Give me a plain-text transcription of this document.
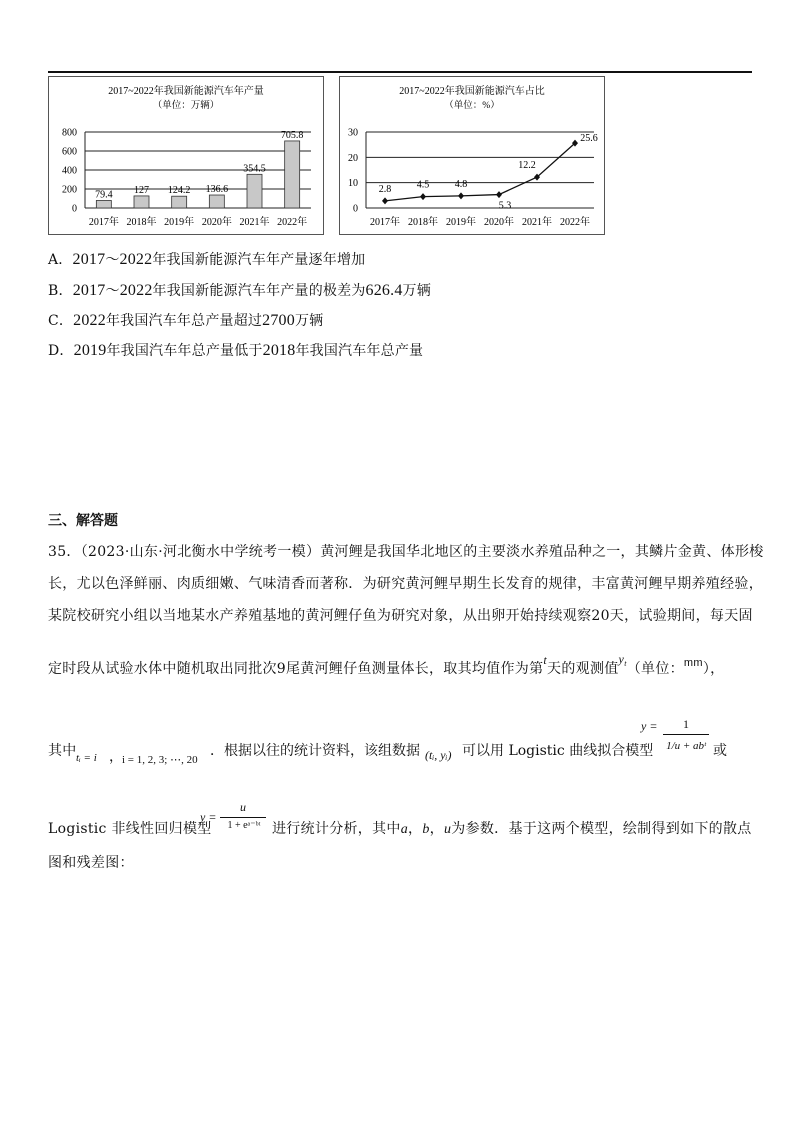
2017~2022年我国新能源汽车年产量
（单位：万辆）
0
200
400
600
800
79.4
2017年
127
2018年
124.2
2019年
136.6
2020年
354.5
2021年
705.8
2022年
2017~2022年我国新能源汽车占比
（单位：%）
0
10
20
30
2.8
2017年
4.5
2018年
4.8
2019年
5.3
2020年
12.2
2021年
25.6
2022年
A．2017～2022年我国新能源汽车年产量逐年增加
B．2017～2022年我国新能源汽车年产量的极差为626.4万辆
C．2022年我国汽车年总产量超过2700万辆
D．2019年我国汽车年总产量低于2018年我国汽车年总产量
三、解答题
35．（2023·山东·河北衡水中学统考一模）黄河鲤是我国华北地区的主要淡水养殖品种之一，其鳞片金黄、体形梭
长，尤以色泽鲜丽、肉质细嫩、气味清香而著称．为研究黄河鲤早期生长发育的规律，丰富黄河鲤早期养殖经验，
某院校研究小组以当地某水产养殖基地的黄河鲤仔鱼为研究对象，从出卵开始持续观察20天，试验期间，每天固
定时段从试验水体中随机取出同批次9尾黄河鲤仔鱼测量体长，取其均值作为第t天的观测值$y^t$（单位：$^{mm}$），
其中 tᵢ = i ， i = 1, 2, 3; ⋯, 20
．根据以往的统计资料，该组数据 (tᵢ, yᵢ) 可以用 Logistic 曲线拟合模型
y =	1
1/u + abᵗ 或
Logistic 非线性回归模型
y =
u
1 + eᵃ⁻ᵇᵗ 进行统计分析，其中a，b，u为参数．基于这两个模型，绘制得到如下的散点
图和残差图：
